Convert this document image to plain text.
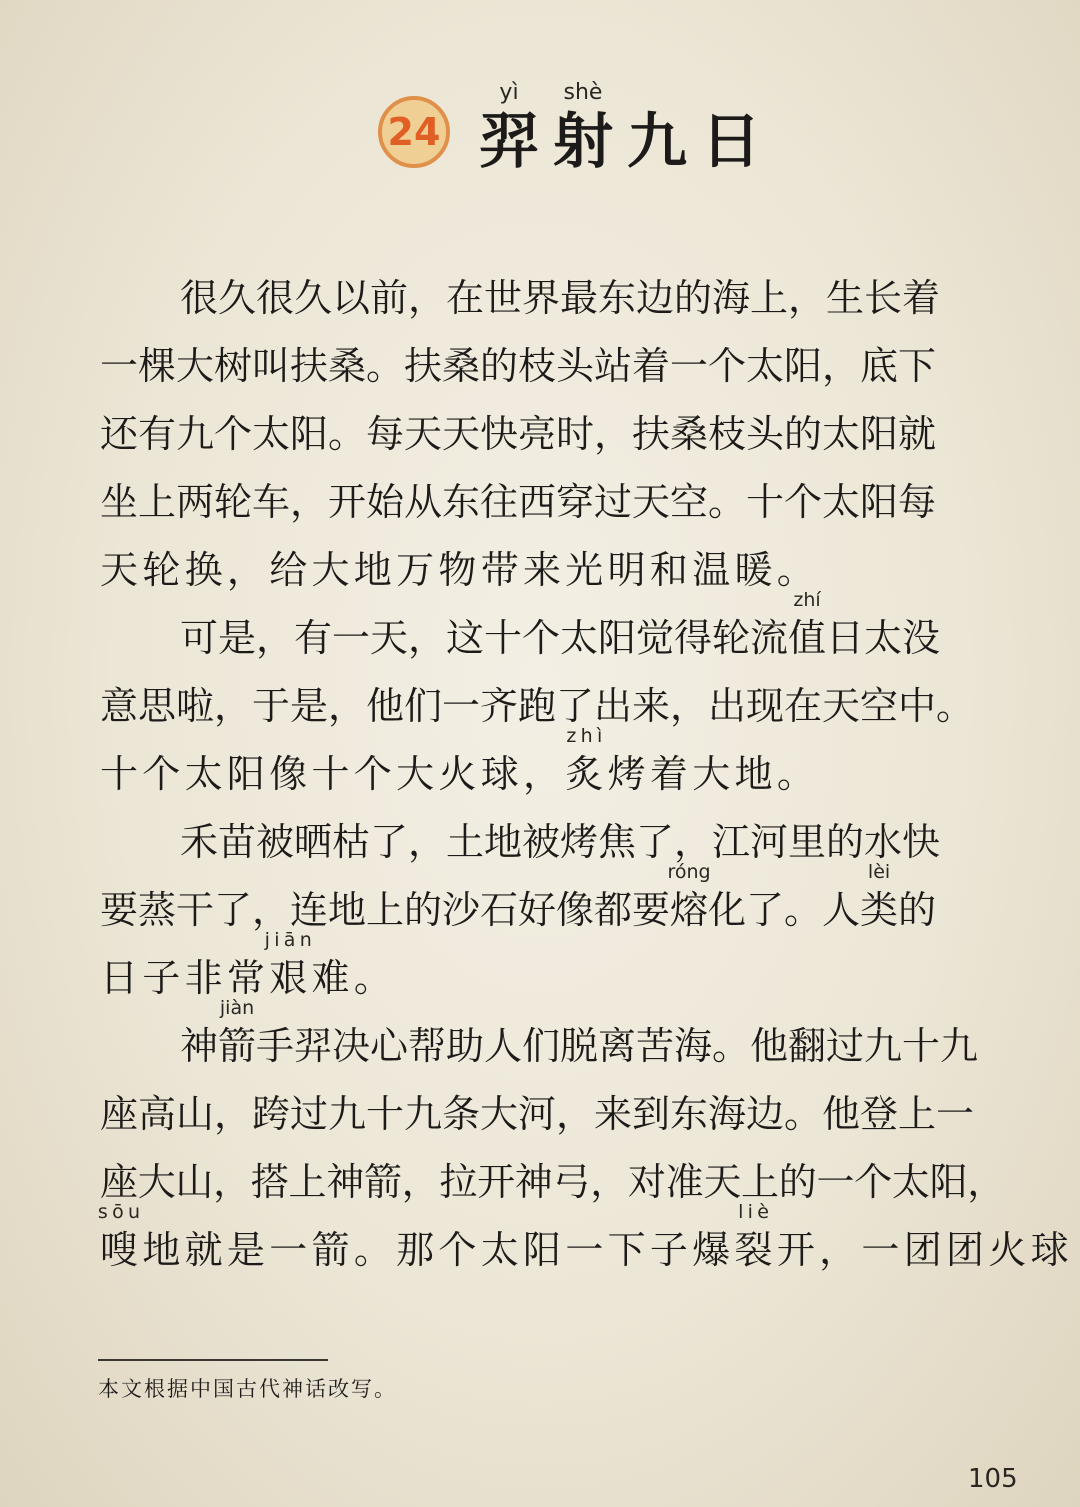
24
yì
羿
shè
射 九 日
很久很久以前，在世界最东边的海上，生长着
一棵大树叫扶桑。扶桑的枝头站着一个太阳，底下
还有九个太阳。每天天快亮时，扶桑枝头的太阳就
坐上两轮车，开始从东往西穿过天空。十个太阳每
天轮换，给大地万物带来光明和温暖。
可是，有一天，这十个太阳觉得轮流
zhí
值日太没
意思啦，于是，他们一齐跑了出来，出现在天空中。
十个太阳像十个大火球，
zhì
炙烤着大地。
禾苗被晒枯了，土地被烤焦了，江河里的水快
要蒸干了，连地上的沙石好像都要
róng
熔化了。人
lèi
类的
日子非常
jiān
艰难。
神
jiàn
箭手羿决心帮助人们脱离苦海。他翻过九十九
座高山，跨过九十九条大河，来到东海边。他登上一
座大山，搭上神箭，拉开神弓，对准天上的一个太阳，
sōu
嗖地就是一箭。那个太阳一下子爆
liè
裂开，一团团火球
本文根据中国古代神话改写。
105
